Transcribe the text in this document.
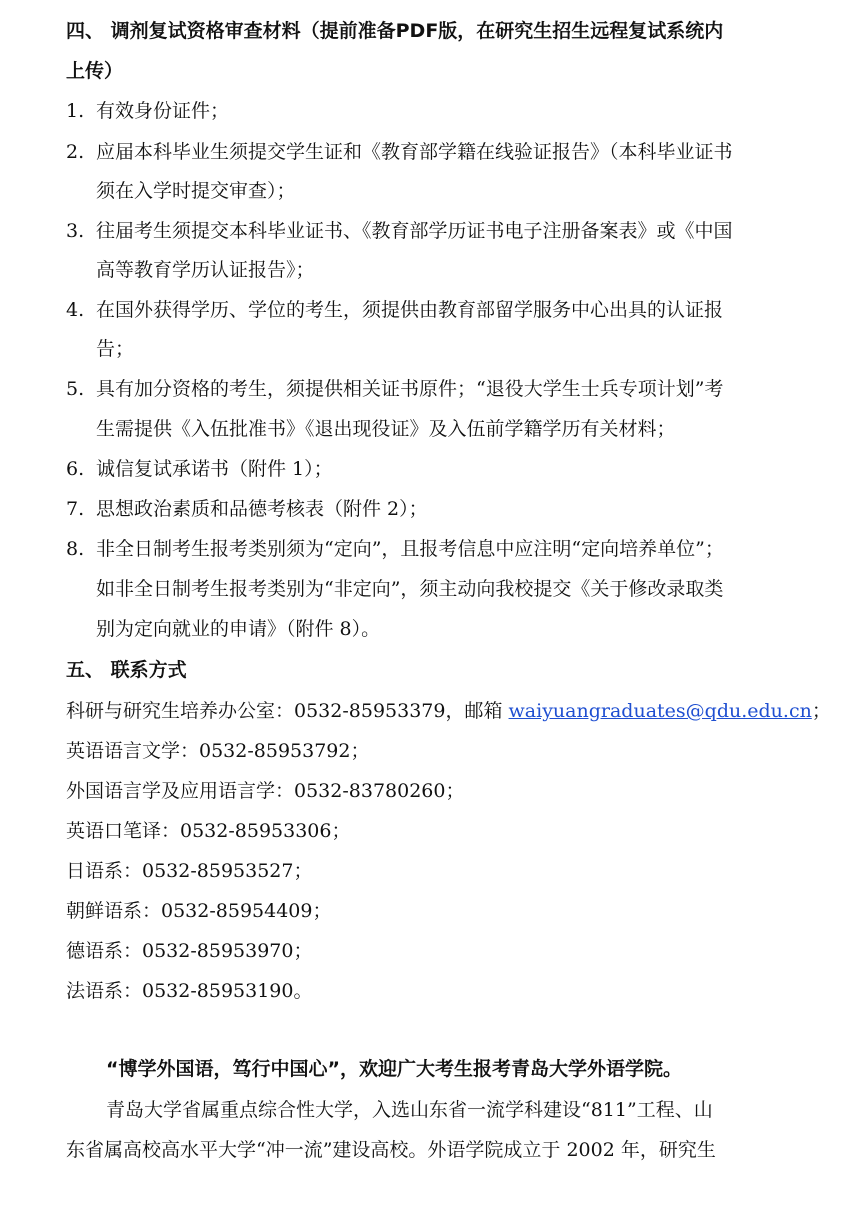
四、 调剂复试资格审查材料（提前准备PDF版，在研究生招生远程复试系统内
上传）
1. 有效身份证件；
2. 应届本科毕业生须提交学生证和《教育部学籍在线验证报告》（本科毕业证书
须在入学时提交审查）；
3. 往届考生须提交本科毕业证书、《教育部学历证书电子注册备案表》或《中国
高等教育学历认证报告》；
4. 在国外获得学历、学位的考生，须提供由教育部留学服务中心出具的认证报
告；
5. 具有加分资格的考生，须提供相关证书原件；“退役大学生士兵专项计划”考
生需提供《入伍批准书》《退出现役证》及入伍前学籍学历有关材料；
6. 诚信复试承诺书（附件 1）；
7. 思想政治素质和品德考核表（附件 2）；
8. 非全日制考生报考类别须为“定向”，且报考信息中应注明“定向培养单位”；
如非全日制考生报考类别为“非定向”，须主动向我校提交《关于修改录取类
别为定向就业的申请》（附件 8）。
五、 联系方式
科研与研究生培养办公室：0532-85953379，邮箱 waiyuangraduates@qdu.edu.cn；
英语语言文学：0532-85953792；
外国语言学及应用语言学：0532-83780260；
英语口笔译：0532-85953306；
日语系：0532-85953527；
朝鲜语系：0532-85954409；
德语系：0532-85953970；
法语系：0532-85953190。
“博学外国语，笃行中国心”，欢迎广大考生报考青岛大学外语学院。
青岛大学省属重点综合性大学，入选山东省一流学科建设“811”工程、山
东省属高校高水平大学“冲一流”建设高校。外语学院成立于 2002 年，研究生
